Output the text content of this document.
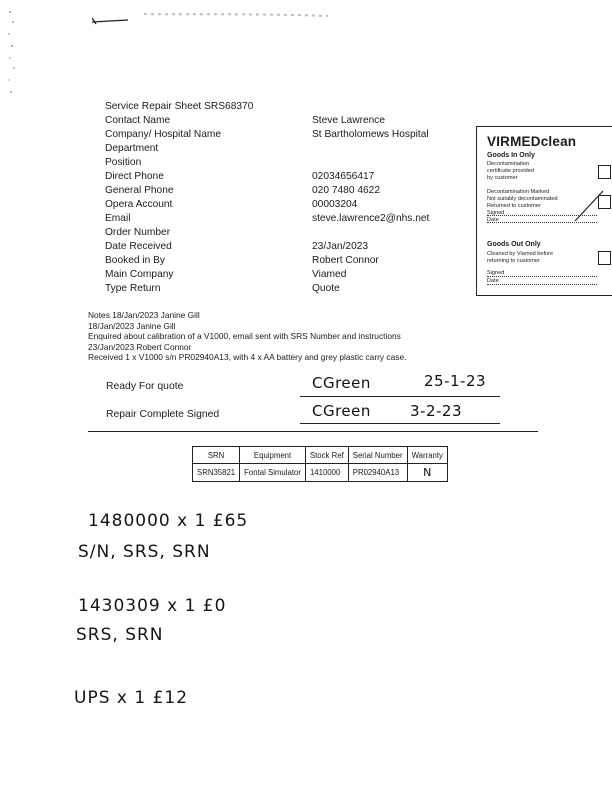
Service Repair Sheet SRS68370
Contact Name	Steve Lawrence
Company/ Hospital Name	St Bartholomews Hospital
Department
Position
Direct Phone	02034656417
General Phone	020 7480 4622
Opera Account	00003204
Email	steve.lawrence2@nhs.net
Order Number
Date Received	23/Jan/2023
Booked in By	Robert Connor
Main Company	Viamed
Type Return	Quote
VIRMEDclean
Goods In Only
Decontamination
certificate provided
by customer
Decontamination Marked
Not suitably decontaminated
Returned to customer
Signed
Date
Goods Out Only
Cleaned by Viamed before
returning to customer
Signed
Date
Notes 18/Jan/2023 Janine Gill
18/Jan/2023 Janine Gill
Enquired about calibration of a V1000, email sent with SRS Number and instructions
23/Jan/2023 Robert Connor
Received 1 x V1000 s/n PR02940A13, with 4 x AA battery and grey plastic carry case.
Ready For quote	CGreen	25-1-23
Repair Complete Signed	CGreen	3-2-23
SRN	Equipment	Stock Ref	Serial Number	Warranty
SRN35821	Fontal Simulator	1410000	PR02940A13	N
1480000 x 1 £65
S/N, SRS, SRN
1430309 x 1 £0
SRS, SRN
UPS x 1 £12
